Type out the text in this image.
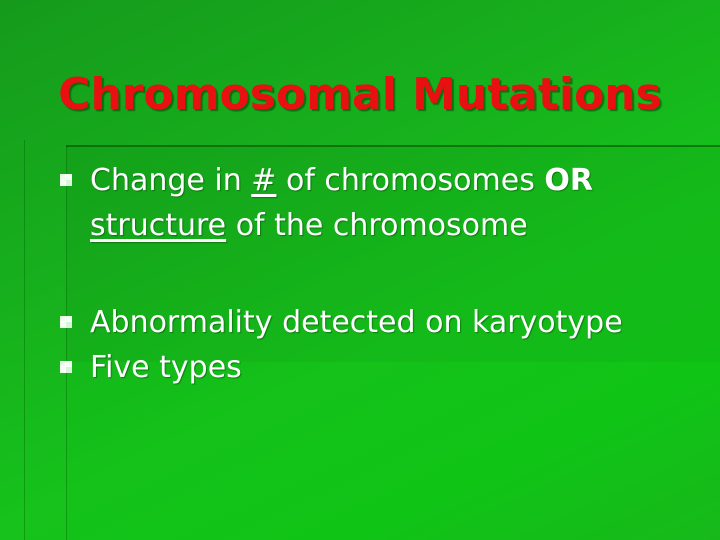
Chromosomal Mutations
Change in # of chromosomes OR structure of the chromosome
Abnormality detected on karyotype
Five types
